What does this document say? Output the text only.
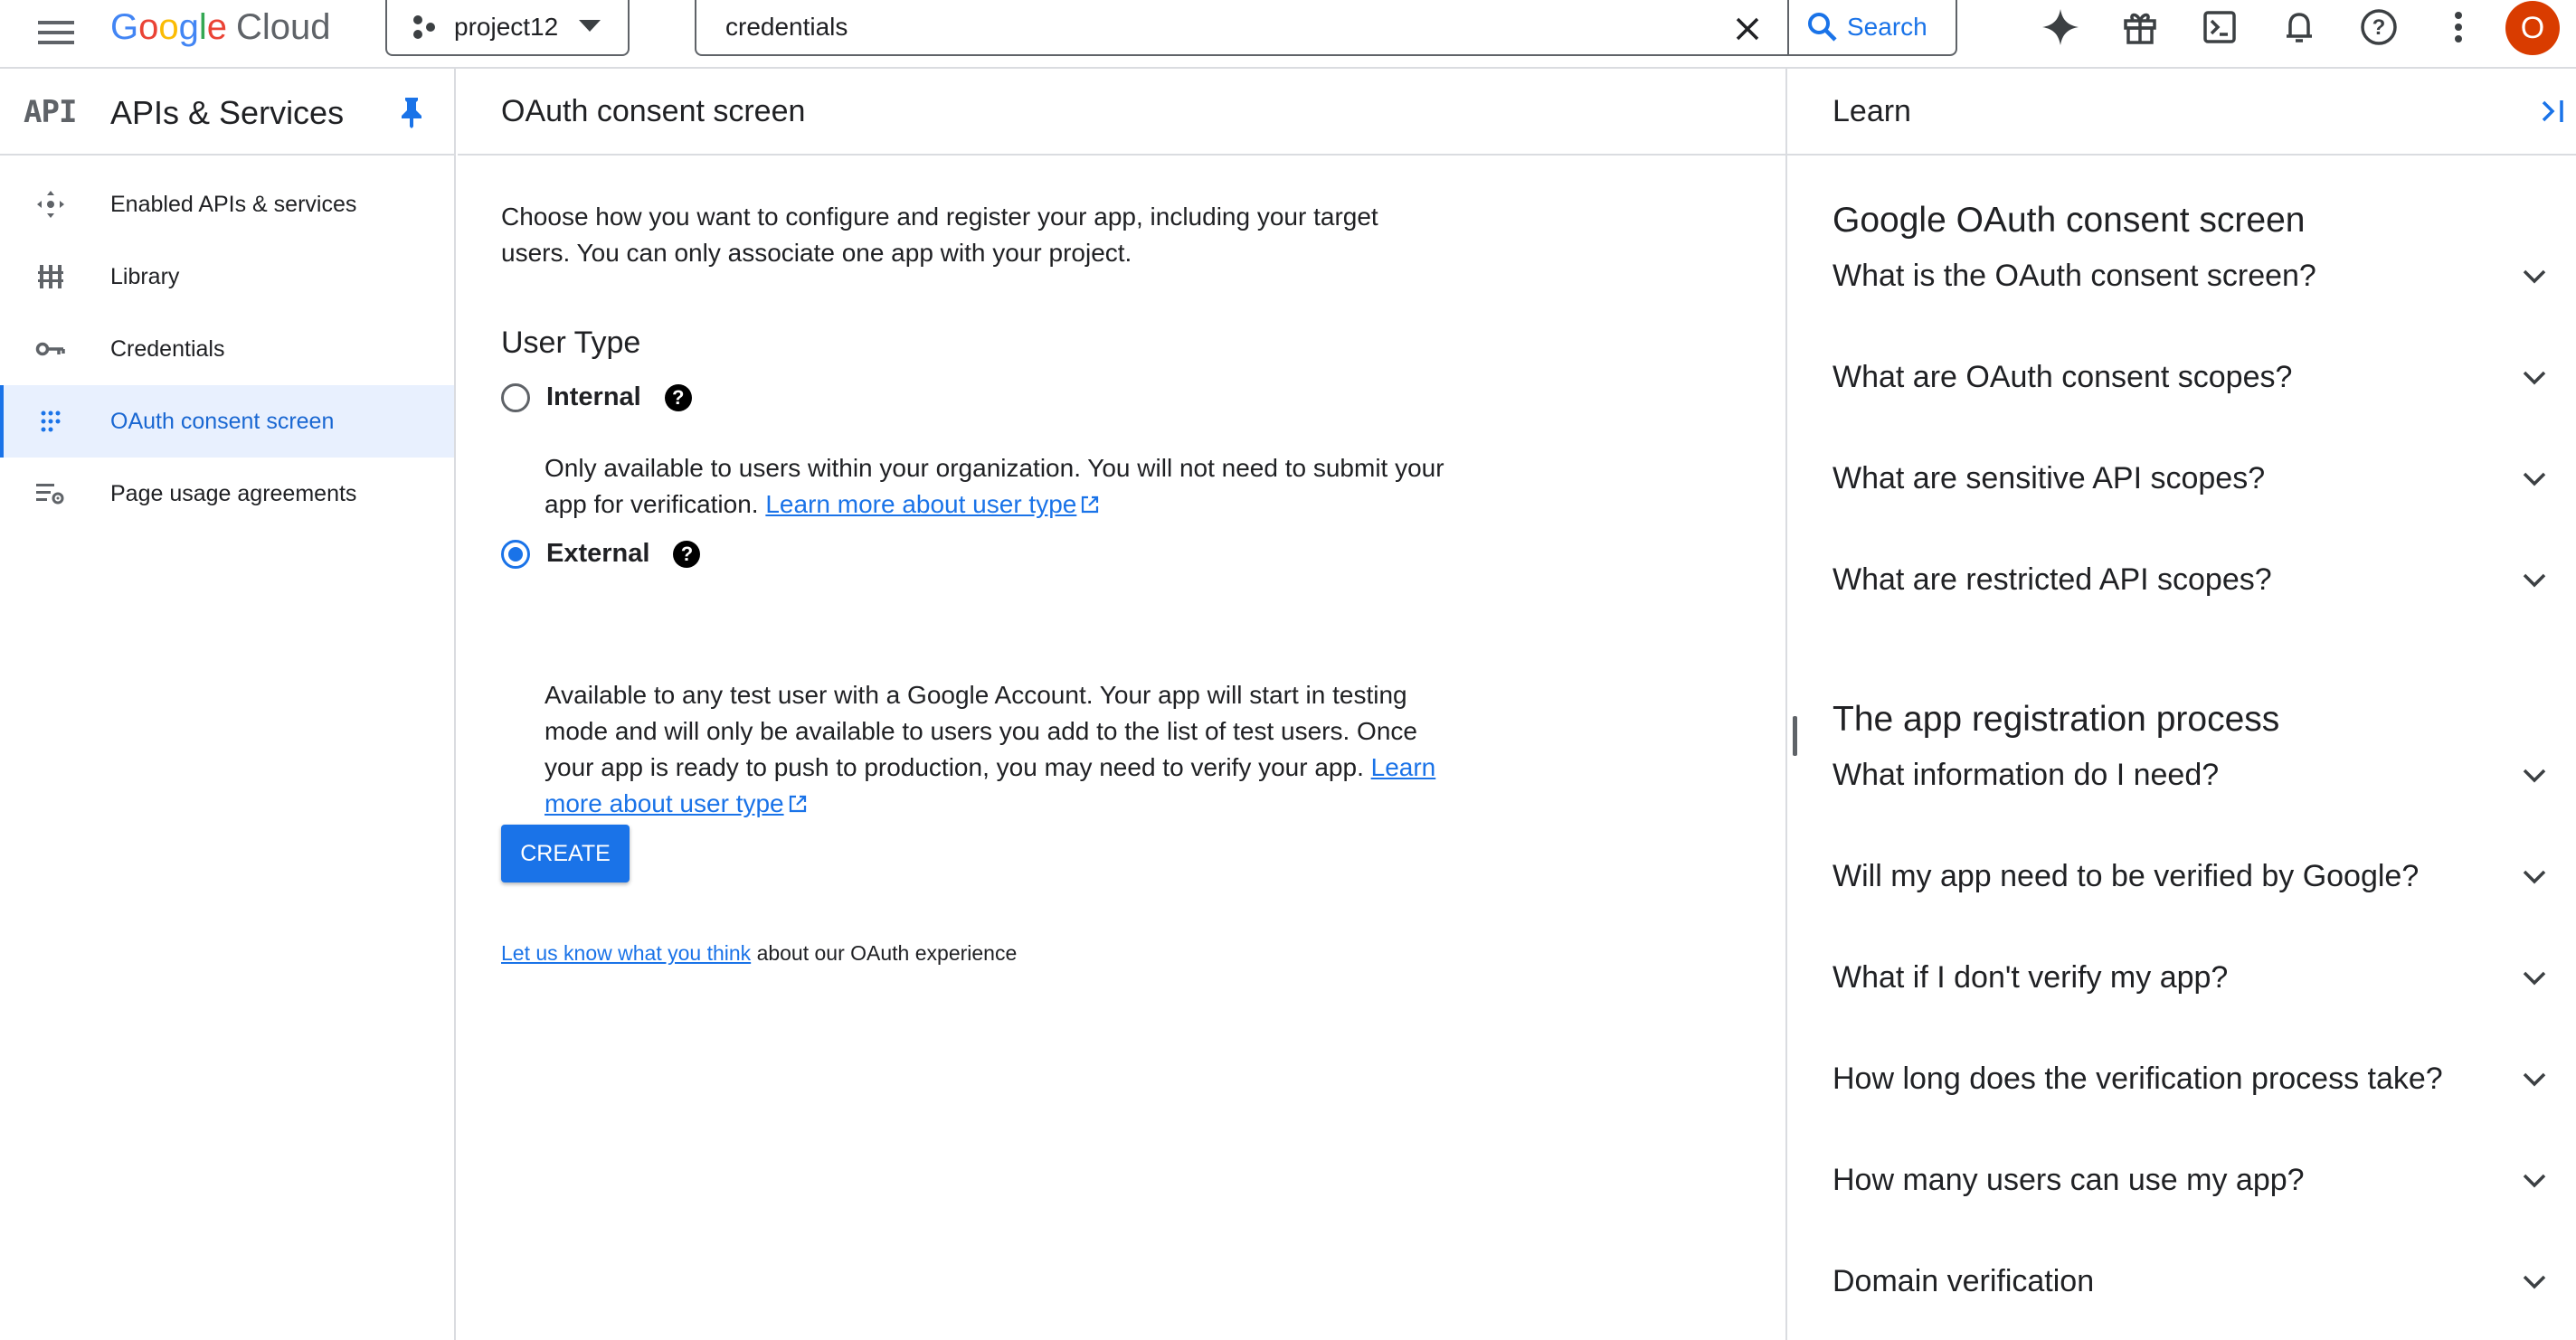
Google Cloud	project12
credentials	Search	?	O
API APIs & Services
Enabled APIs & services
Library
Credentials
OAuth consent screen
Page usage agreements
OAuth consent screen

Choose how you want to configure and register your app, including your target users. You can only associate one app with your project.

User Type
Internal	?

Only available to users within your organization. You will not need to submit your app for verification. Learn more about user type

External	?

Available to any test user with a Google Account. Your app will start in testing mode and will only be available to users you add to the list of test users. Once your app is ready to push to production, you may need to verify your app. Learn more about user type

CREATE

Let us know what you think about our OAuth experience

Learn
Google OAuth consent screen
What is the OAuth consent screen?
What are OAuth consent scopes?
What are sensitive API scopes?
What are restricted API scopes?
The app registration process
What information do I need?
Will my app need to be verified by Google?
What if I don't verify my app?
How long does the verification process take?
How many users can use my app?
Domain verification
